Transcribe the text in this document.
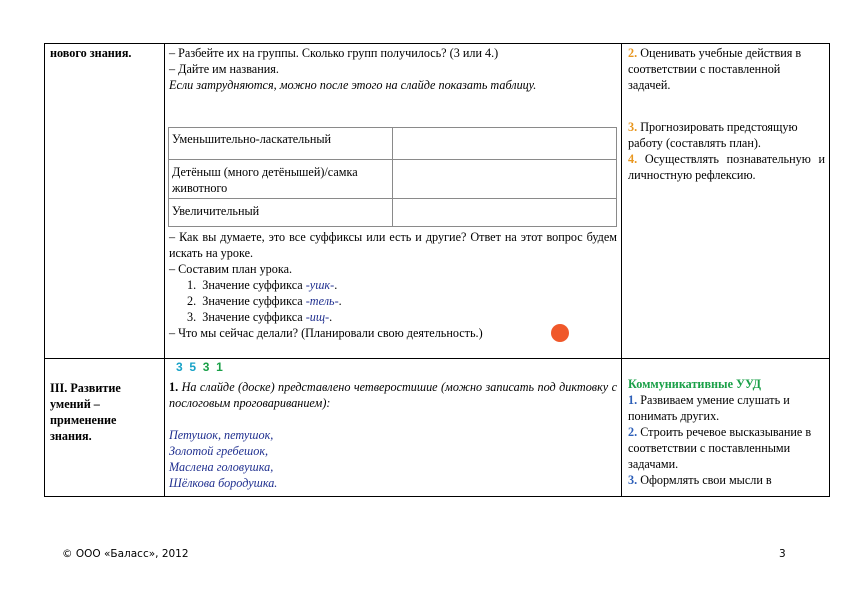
нового знания.	– Разбейте их на группы. Сколько групп получилось? (3 или 4.)

– Дайте им названия.

Если затрудняются, можно после этого на слайде показать таблицу.

Уменьшительно-ласкательный
Детёныш (много детёнышей)/самка животного
Увеличительный

– Как вы думаете, это все суффиксы или есть и другие? Ответ на этот вопрос будем искать на уроке.

– Составим план урока.

1. Значение суффикса -ушк-.

2. Значение суффикса -тель-.

3. Значение суффикса -ищ-.

– Что мы сейчас делали? (Планировали свою деятельность.)

2. Оценивать учебные действия в соответствии с поставленной задачей.

3. Прогнозировать предстоящую работу (составлять план).

4. Осуществлять познавательную и личностную рефлексию.

III. Развитие умений – применение знания.
3 5 3 1

1. На слайде (доске) представлено четверостишие (можно записать под диктовку с послоговым проговариванием):

Петушок, петушок,

Золотой гребешок,

Маслена головушка,

Шёлкова бородушка.

Коммуникативные УУД

1. Развиваем умение слушать и понимать других.

2. Строить речевое высказывание в соответствии с поставленными задачами.

3. Оформлять свои мысли в

© ООО «Баласс», 2012	3
